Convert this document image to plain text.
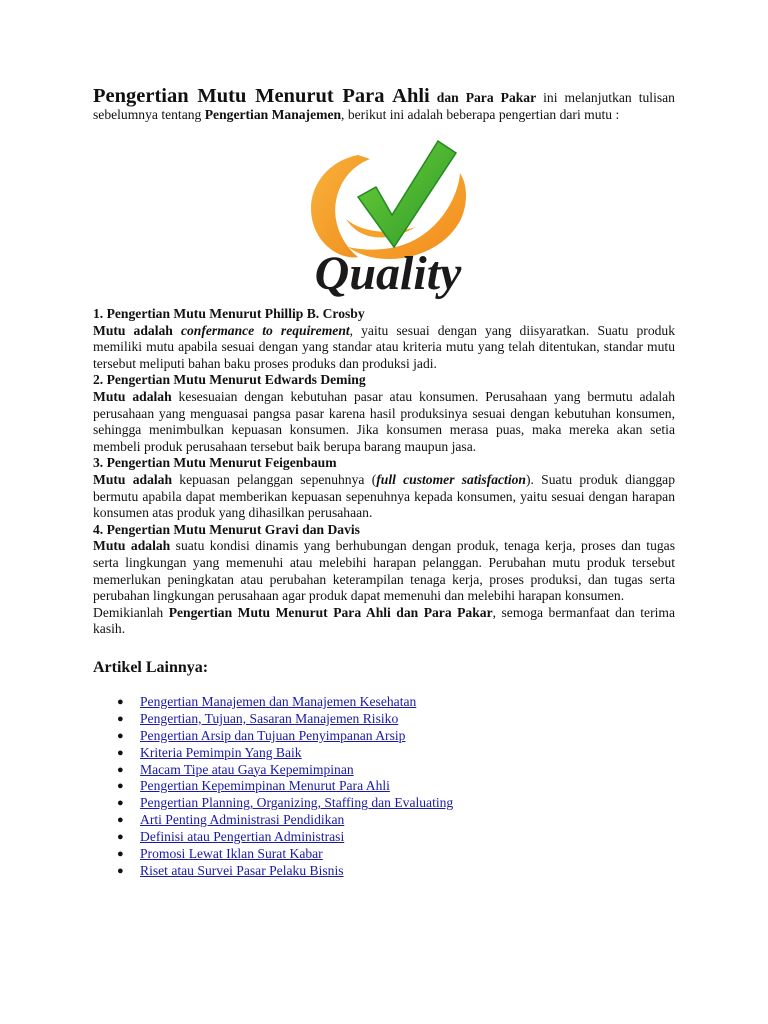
Pengertian Mutu Menurut Para Ahli dan Para Pakar ini melanjutkan tulisan sebelumnya tentang Pengertian Manajemen, berikut ini adalah beberapa pengertian dari mutu :

Quality

1. Pengertian Mutu Menurut Phillip B. Crosby

Mutu adalah confermance to requirement, yaitu sesuai dengan yang diisyaratkan. Suatu produk memiliki mutu apabila sesuai dengan yang standar atau kriteria mutu yang telah ditentukan, standar mutu tersebut meliputi bahan baku proses produks dan produksi jadi.

2. Pengertian Mutu Menurut Edwards Deming

Mutu adalah kesesuaian dengan kebutuhan pasar atau konsumen. Perusahaan yang bermutu adalah perusahaan yang menguasai pangsa pasar karena hasil produksinya sesuai dengan kebutuhan konsumen, sehingga menimbulkan kepuasan konsumen. Jika konsumen merasa puas, maka mereka akan setia membeli produk perusahaan tersebut baik berupa barang maupun jasa.

3. Pengertian Mutu Menurut Feigenbaum

Mutu adalah kepuasan pelanggan sepenuhnya (full customer satisfaction). Suatu produk dianggap bermutu apabila dapat memberikan kepuasan sepenuhnya kepada konsumen, yaitu sesuai dengan harapan konsumen atas produk yang dihasilkan perusahaan.

4. Pengertian Mutu Menurut Gravi dan Davis

Mutu adalah suatu kondisi dinamis yang berhubungan dengan produk, tenaga kerja, proses dan tugas serta lingkungan yang memenuhi atau melebihi harapan pelanggan. Perubahan mutu produk tersebut memerlukan peningkatan atau perubahan keterampilan tenaga kerja, proses produksi, dan tugas serta perubahan lingkungan perusahaan agar produk dapat memenuhi dan melebihi harapan konsumen.

Demikianlah Pengertian Mutu Menurut Para Ahli dan Para Pakar, semoga bermanfaat dan terima kasih.

Artikel Lainnya:
● Pengertian Manajemen dan Manajemen Kesehatan
● Pengertian, Tujuan, Sasaran Manajemen Risiko
● Pengertian Arsip dan Tujuan Penyimpanan Arsip
● Kriteria Pemimpin Yang Baik
● Macam Tipe atau Gaya Kepemimpinan
● Pengertian Kepemimpinan Menurut Para Ahli
● Pengertian Planning, Organizing, Staffing dan Evaluating
● Arti Penting Administrasi Pendidikan
● Definisi atau Pengertian Administrasi
● Promosi Lewat Iklan Surat Kabar
● Riset atau Survei Pasar Pelaku Bisnis
